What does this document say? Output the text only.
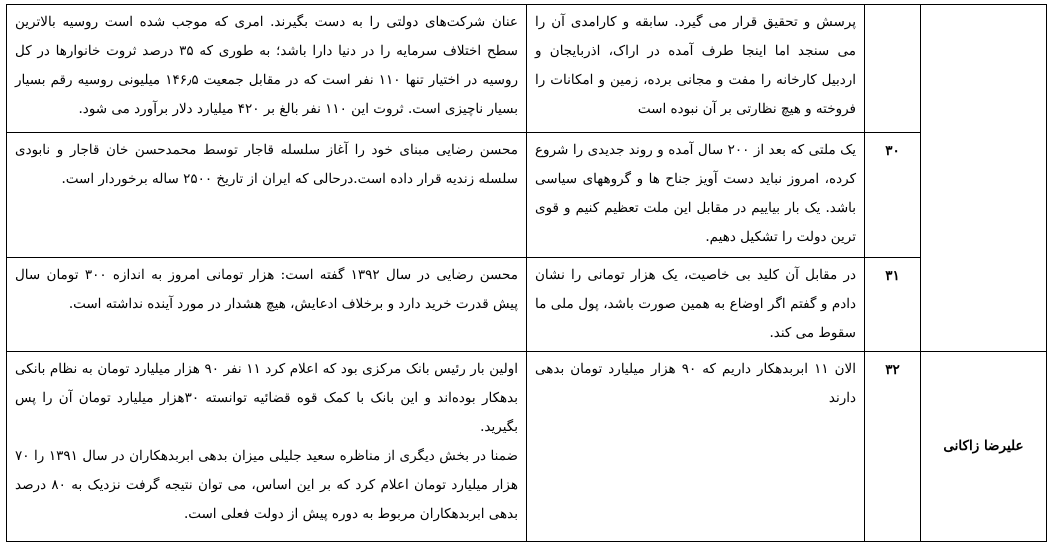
		پرسش و تحقیق قرار می گیرد. سابقه و کارامدی آن را می سنجد اما اینجا طرف آمده در اراک، اذربایجان و اردبیل کارخانه را مفت و مجانی برده، زمین و امکانات را فروخته و هیچ نظارتی بر آن نبوده است	عنان شرکت‌های دولتی را به دست بگیرند. امری که موجب شده است روسیه بالاترین سطح اختلاف سرمایه را در دنیا دارا باشد؛ به طوری که ۳۵ درصد ثروت خانوارها در کل روسیه در اختیار تنها ۱۱۰ نفر است که در مقابل جمعیت ۱۴۶٫۵ میلیونی روسیه رقم بسیار بسیار ناچیزی است. ثروت این ۱۱۰ نفر بالغ بر ۴۲۰ میلیارد دلار برآورد می شود.

	۳۰	یک ملتی که بعد از ۲۰۰ سال آمده و روند جدیدی را شروع کرده، امروز نباید دست آویز جناح ها و گروههای سیاسی باشد. یک بار بیاییم در مقابل این ملت تعظیم کنیم و قوی ترین دولت را تشکیل دهیم.	محسن رضایی مبنای خود را آغاز سلسله قاجار توسط محمدحسن خان قاجار و نابودی سلسله زندیه قرار داده است.درحالی که ایران از تاریخ ۲۵۰۰ ساله برخوردار است.

	۳۱	در مقابل آن کلید بی خاصیت، یک هزار تومانی را نشان دادم و گفتم اگر اوضاع به همین صورت باشد، پول ملی ما سقوط می کند.	محسن رضایی در سال ۱۳۹۲ گفته است: هزار تومانی امروز به اندازه ۳۰۰ تومان سال پیش قدرت خرید دارد و برخلاف ادعایش، هیچ هشدار در مورد آینده نداشته است.

علیرضا زاکانی	۳۲	الان ۱۱ ابربدهکار داریم که ۹۰ هزار میلیارد تومان بدهی دارند	اولین بار رئیس بانک مرکزی بود که اعلام کرد ۱۱ نفر ۹۰ هزار میلیارد تومان به نظام بانکی بدهکار بوده‌اند و این بانک با کمک قوه قضائیه توانسته ۳۰هزار میلیارد تومان آن را پس بگیرید.
ضمنا در بخش دیگری از مناظره سعید جلیلی میزان بدهی ابربدهکاران در سال ۱۳۹۱ را ۷۰ هزار میلیارد تومان اعلام کرد که بر این اساس، می توان نتیجه گرفت نزدیک به ۸۰ درصد بدهی ابربدهکاران مربوط به دوره پیش از دولت فعلی است.
